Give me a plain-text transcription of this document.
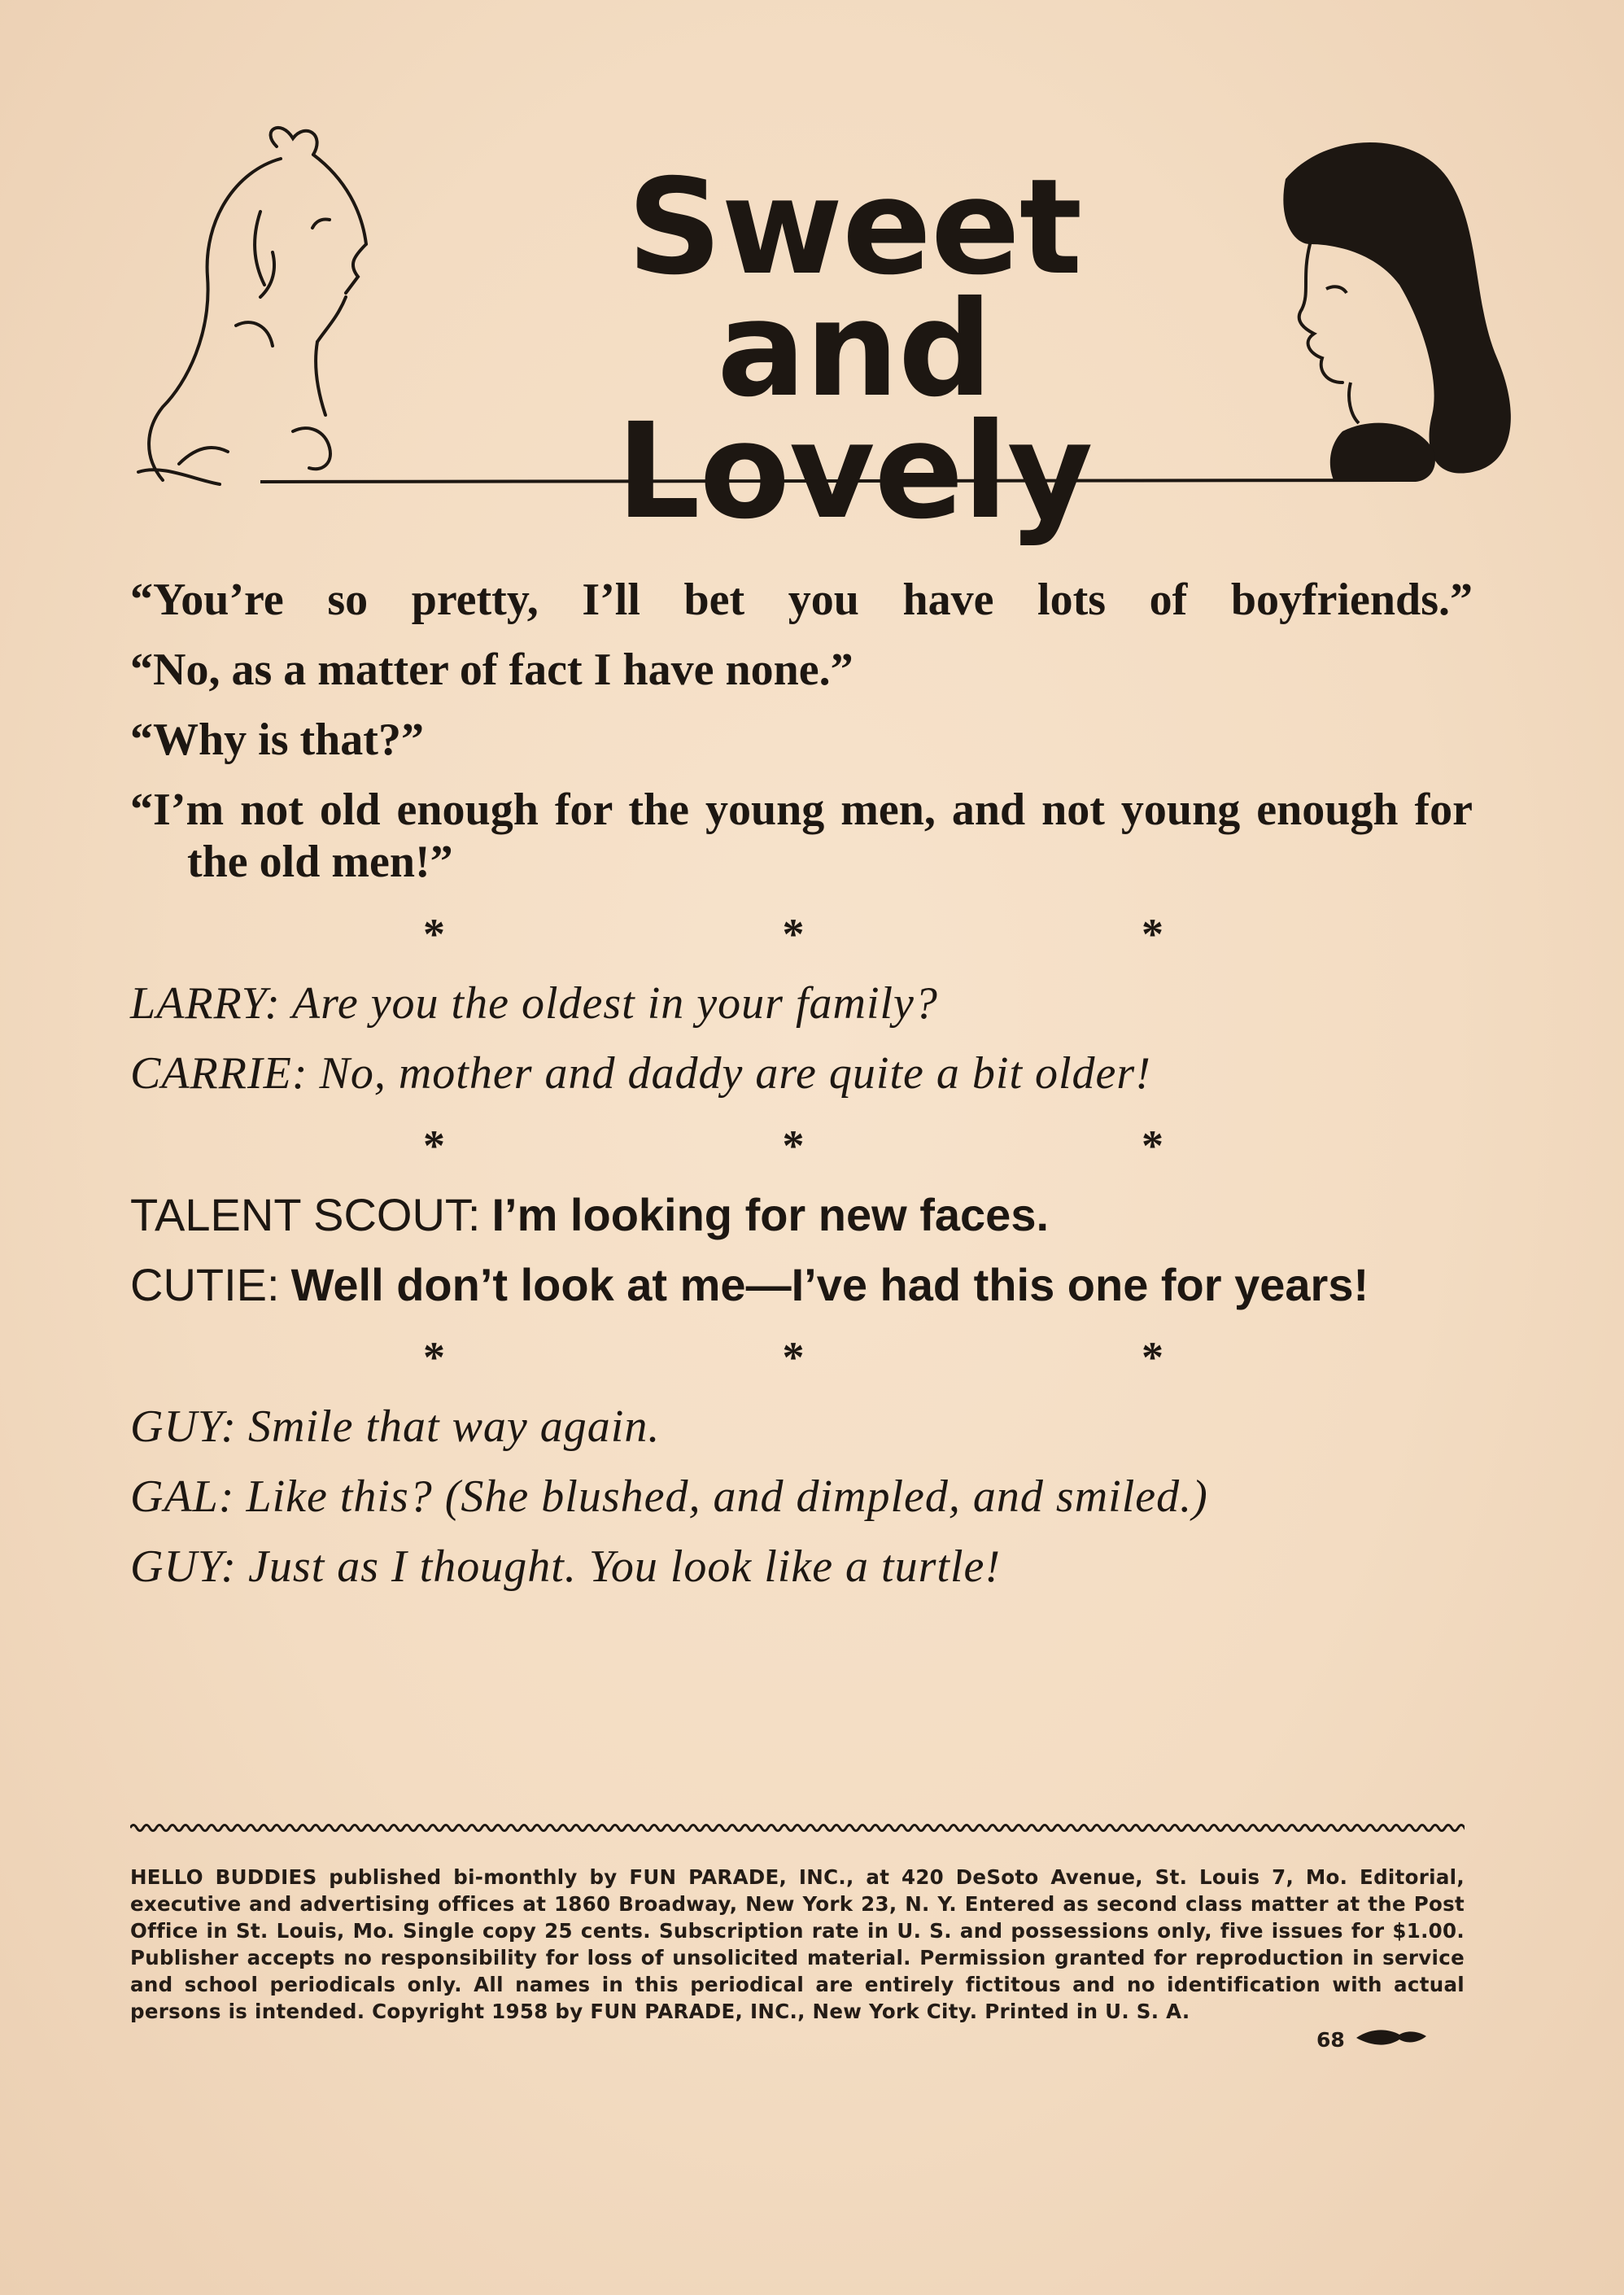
Sweet and
Lovely
“You’re so pretty, I’ll bet you have lots of boyfriends.”
“No, as a matter of fact I have none.”
“Why is that?”
“I’m not old enough for the young men, and not young enough for the old men!”
*	*	*
LARRY: Are you the oldest in your family?
CARRIE: No, mother and daddy are quite a bit older!
*	*	*
TALENT SCOUT: I’m looking for new faces.
CUTIE: Well don’t look at me—I’ve had this one for years!
*	*	*
GUY: Smile that way again.
GAL: Like this? (She blushed, and dimpled, and smiled.)
GUY: Just as I thought. You look like a turtle!
HELLO BUDDIES published bi-monthly by FUN PARADE, INC., at 420 DeSoto Avenue, St. Louis 7, Mo. Editorial, executive and advertising offices at 1860 Broadway, New York 23, N. Y. Entered as second class matter at the Post Office in St. Louis, Mo. Single copy 25 cents. Subscription rate in U. S. and possessions only, five issues for $1.00. Publisher accepts no responsibility for loss of unsolicited material. Permission granted for reproduction in service and school periodicals only. All names in this periodical are entirely fictitous and no identification with actual persons is intended. Copyright 1958 by FUN PARADE, INC., New York City. Printed in U. S. A.
68
